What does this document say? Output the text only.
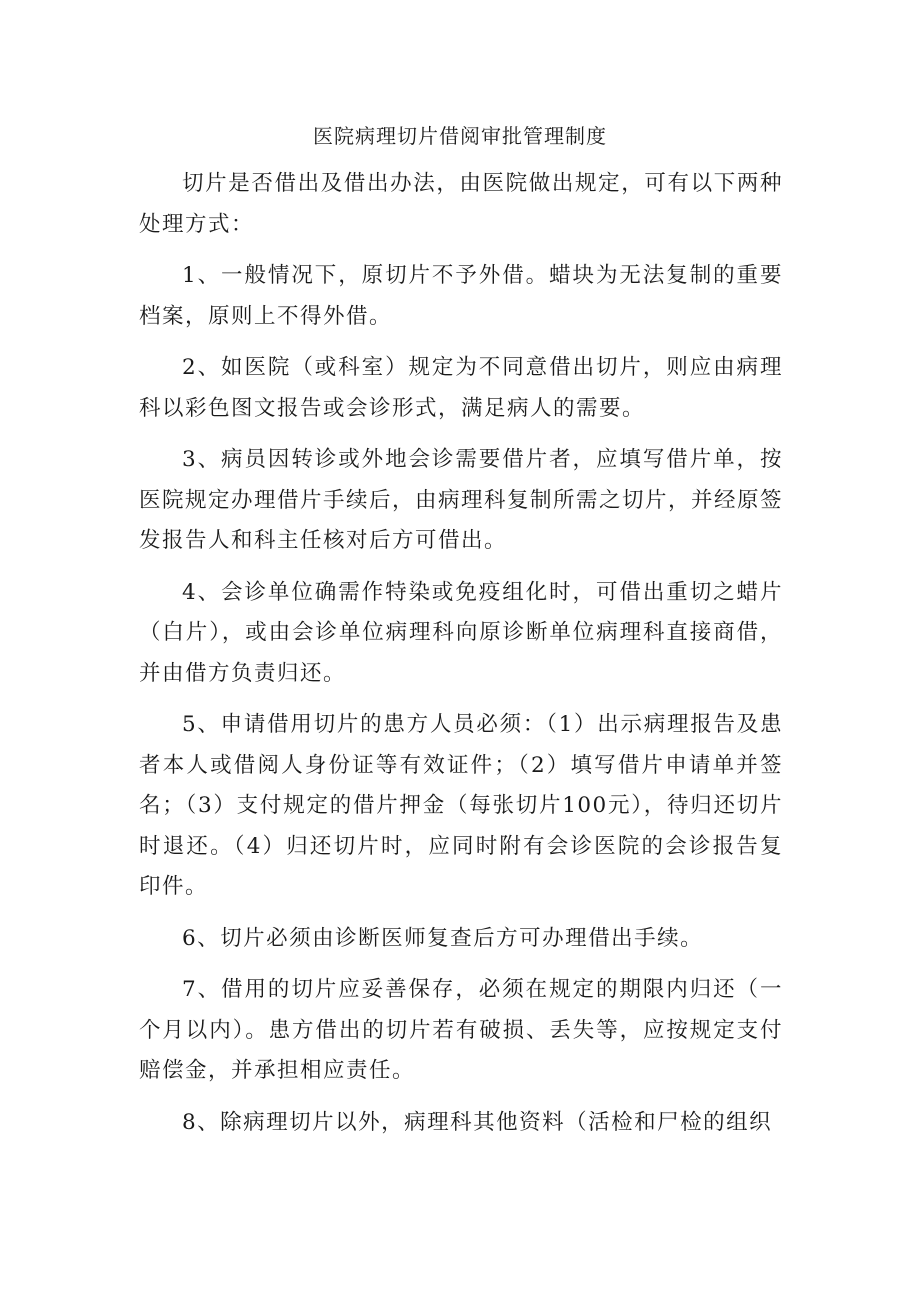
医院病理切片借阅审批管理制度

切片是否借出及借出办法，由医院做出规定，可有以下两种处理方式：

1、一般情况下，原切片不予外借。蜡块为无法复制的重要档案，原则上不得外借。

2、如医院（或科室）规定为不同意借出切片，则应由病理科以彩色图文报告或会诊形式，满足病人的需要。

3、病员因转诊或外地会诊需要借片者，应填写借片单，按医院规定办理借片手续后，由病理科复制所需之切片，并经原签发报告人和科主任核对后方可借出。

4、会诊单位确需作特染或免疫组化时，可借出重切之蜡片（白片），或由会诊单位病理科向原诊断单位病理科直接商借，并由借方负责归还。

5、申请借用切片的患方人员必须：（1）出示病理报告及患者本人或借阅人身份证等有效证件；（2）填写借片申请单并签名；（3）支付规定的借片押金（每张切片100元），待归还切片时退还。（4）归还切片时，应同时附有会诊医院的会诊报告复印件。

6、切片必须由诊断医师复查后方可办理借出手续。

7、借用的切片应妥善保存，必须在规定的期限内归还（一个月以内）。患方借出的切片若有破损、丢失等，应按规定支付赔偿金，并承担相应责任。

8、除病理切片以外，病理科其他资料（活检和尸检的组织
